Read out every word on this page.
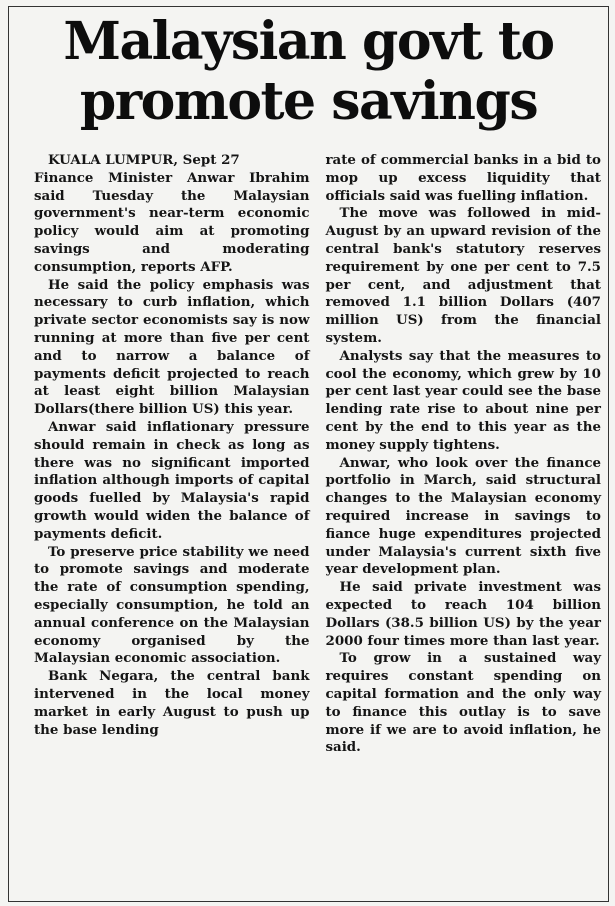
Malaysian govt to
promote savings

KUALA LUMPUR, Sept 27

Finance Minister Anwar Ibrahim said Tuesday the Malaysian government's near-term economic policy would aim at promoting savings and moderating consumption, reports AFP.

He said the policy emphasis was necessary to curb inflation, which private sector economists say is now running at more than five per cent and to narrow a balance of payments deficit projected to reach at least eight billion Malaysian Dollars(there billion US) this year.

Anwar said inflationary pressure should remain in check as long as there was no significant imported inflation although imports of capital goods fuelled by Malaysia's rapid growth would widen the balance of payments deficit.

To preserve price stability we need to promote savings and moderate the rate of consumption spending, especially consumption, he told an annual conference on the Malaysian economy organised by the Malaysian economic association.

Bank Negara, the central bank intervened in the local money market in early August to push up the base lending

rate of commercial banks in a bid to mop up excess liquidity that officials said was fuelling inflation.

The move was followed in mid-August by an upward revision of the central bank's statutory reserves requirement by one per cent to 7.5 per cent, and adjustment that removed 1.1 billion Dollars (407 million US) from the financial system.

Analysts say that the measures to cool the economy, which grew by 10 per cent last year could see the base lending rate rise to about nine per cent by the end to this year as the money supply tightens.

Anwar, who look over the finance portfolio in March, said structural changes to the Malaysian economy required increase in savings to fiance huge expenditures projected under Malaysia's current sixth five year development plan.

He said private investment was expected to reach 104 billion Dollars (38.5 billion US) by the year 2000 four times more than last year.

To grow in a sustained way requires constant spending on capital formation and the only way to finance this outlay is to save more if we are to avoid inflation, he said.
